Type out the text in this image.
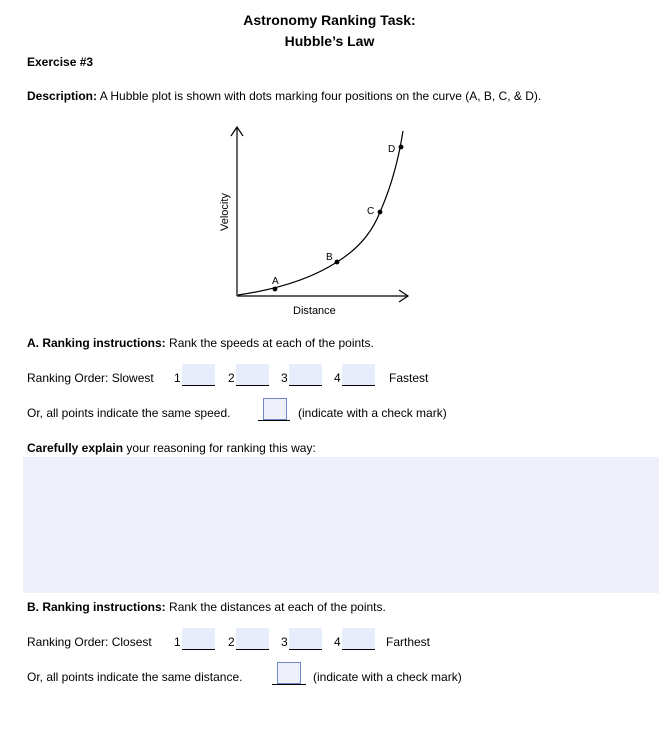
Astronomy Ranking Task:
Hubble’s Law
Exercise #3
Description: A Hubble plot is shown with dots marking four positions on the curve (A, B, C, & D).
A
B
C
D
Velocity
Distance
A. Ranking instructions: Rank the speeds at each of the points.
Ranking Order: Slowest 1	2	3	4	Fastest
Or, all points indicate the same speed.	(indicate with a check mark)
Carefully explain your reasoning for ranking this way:
B. Ranking instructions: Rank the distances at each of the points.
Ranking Order: Closest 1	2	3	4	Farthest
Or, all points indicate the same distance.	(indicate with a check mark)
